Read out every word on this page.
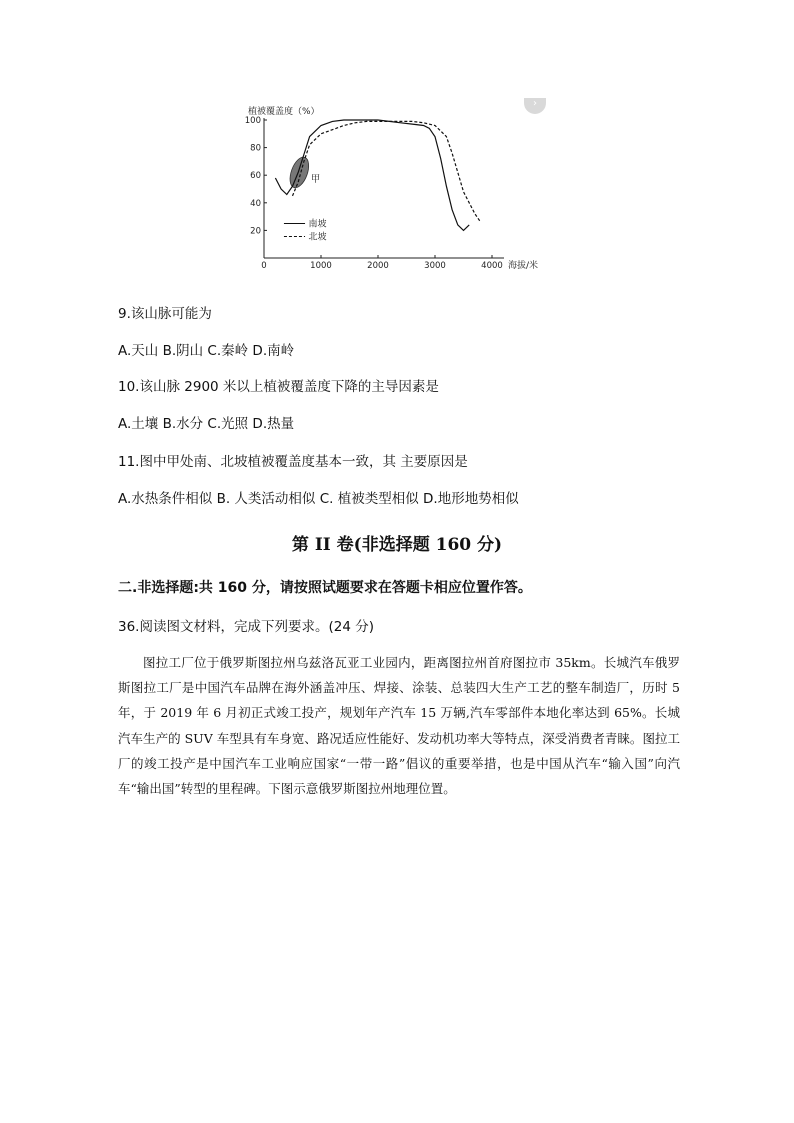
›
20
40
60
80
100
0	1000	2000	3000	4000
植被覆盖度（%）
海拔/米
甲
南坡
北坡
9.该山脉可能为
A.天山 B.阴山 C.秦岭 D.南岭
10.该山脉 2900 米以上植被覆盖度下降的主导因素是
A.土壤 B.水分 C.光照 D.热量
11.图中甲处南、北坡植被覆盖度基本一致，其 主要原因是
A.水热条件相似 B. 人类活动相似 C. 植被类型相似 D.地形地势相似
第 II 卷(非选择题 160 分)
二.非选择题:共 160 分，请按照试题要求在答题卡相应位置作答。
36.阅读图文材料，完成下列要求。(24 分)

图拉工厂位于俄罗斯图拉州乌兹洛瓦亚工业园内，距离图拉州首府图拉市 35km。长城汽车俄罗斯图拉工厂是中国汽车品牌在海外涵盖冲压、焊接、涂装、总装四大生产工艺的整车制造厂，历时 5 年，于 2019 年 6 月初正式竣工投产，规划年产汽车 15 万辆,汽车零部件本地化率达到 65%。长城汽车生产的 SUV 车型具有车身宽、路况适应性能好、发动机功率大等特点，深受消费者青睐。图拉工厂的竣工投产是中国汽车工业响应国家“一带一路”倡议的重要举措，也是中国从汽车“输入国”向汽车“输出国”转型的里程碑。下图示意俄罗斯图拉州地理位置。
